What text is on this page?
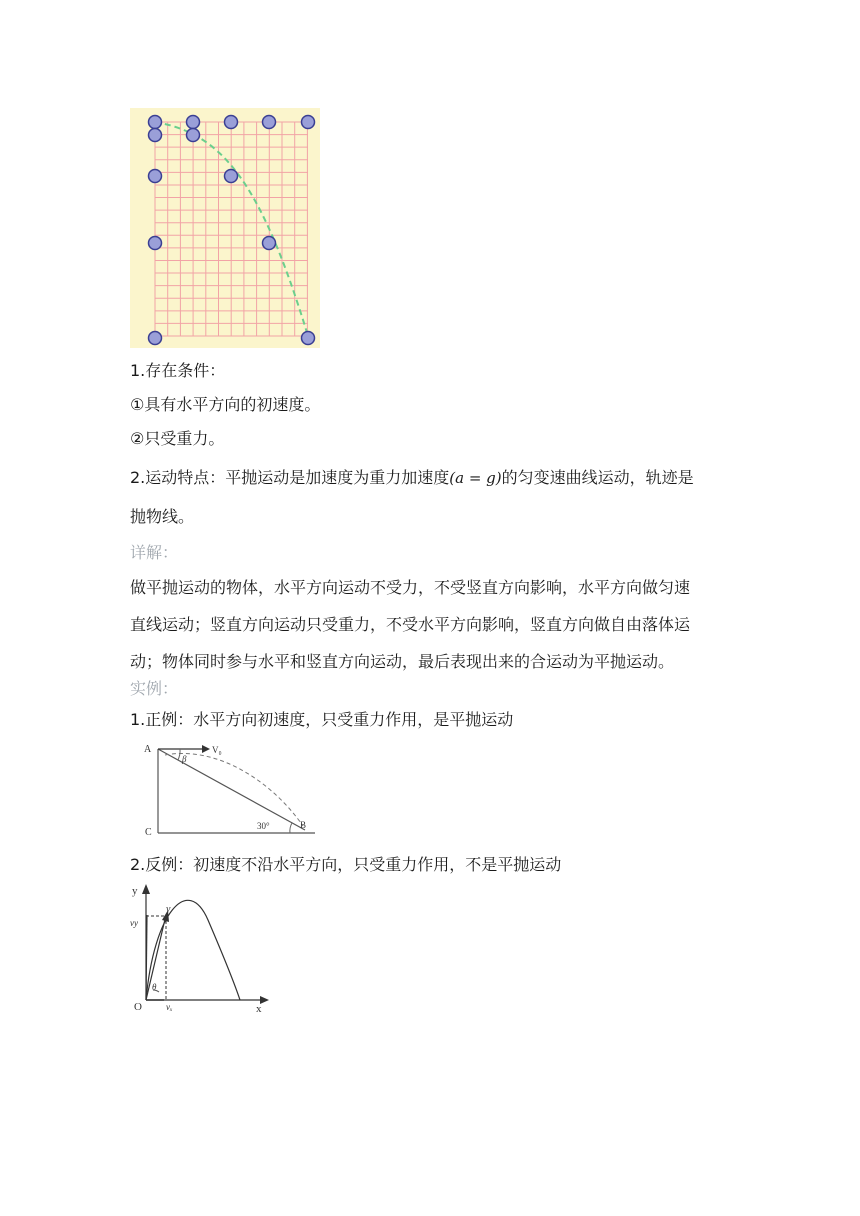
1.存在条件：
①具有水平方向的初速度。
②只受重力。
2.运动特点：平抛运动是加速度为重力加速度(a = g)的匀变速曲线运动，轨迹是
抛物线。
详解：
做平抛运动的物体，水平方向运动不受力，不受竖直方向影响，水平方向做匀速
直线运动；竖直方向运动只受重力，不受水平方向影响，竖直方向做自由落体运
动；物体同时参与水平和竖直方向运动，最后表现出来的合运动为平抛运动。
实例：
1.正例：水平方向初速度，只受重力作用，是平抛运动
A	V₀
β
C
B
30°
2.反例：初速度不沿水平方向，只受重力作用，不是平抛运动
y
v
vy
θ
O	vₓ	x
